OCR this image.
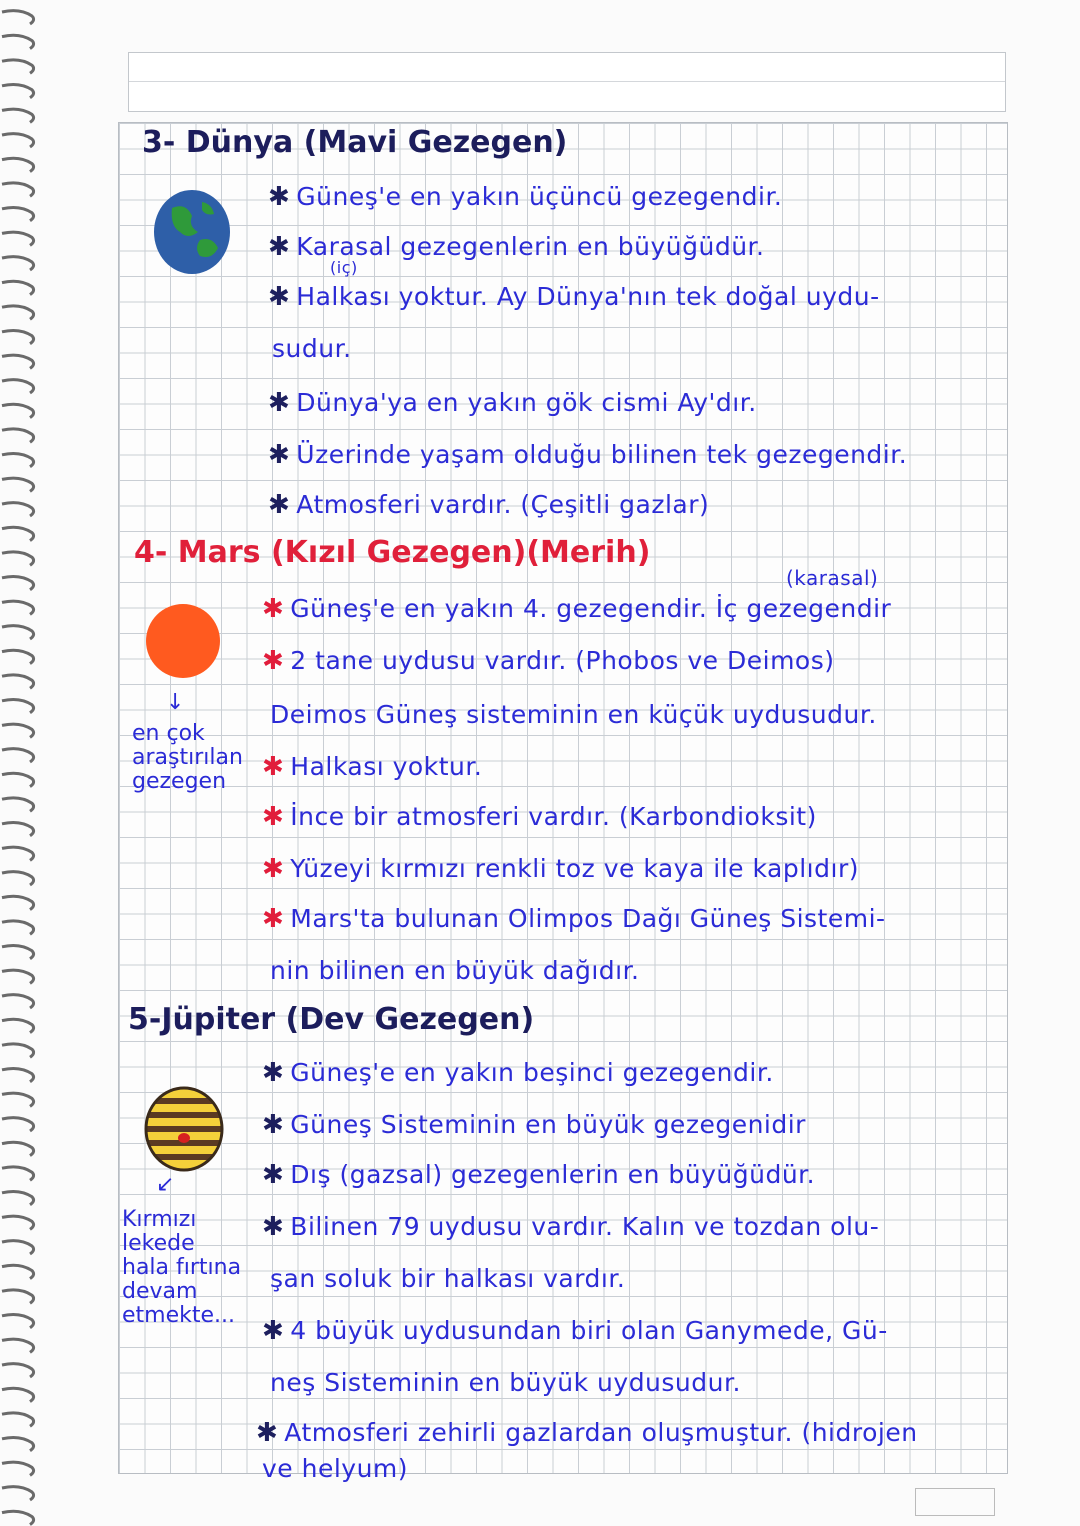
3- Dünya (Mavi Gezegen)
✱ Güneş'e en yakın üçüncü gezegendir.
✱ Karasal gezegenlerin en büyüğüdür.
(iç)
✱ Halkası yoktur. Ay Dünya'nın tek doğal uydu-
sudur.
✱ Dünya'ya en yakın gök cismi Ay'dır.
✱ Üzerinde yaşam olduğu bilinen tek gezegendir.
✱ Atmosferi vardır. (Çeşitli gazlar)
4- Mars (Kızıl Gezegen)(Merih)
(karasal)
↓
en çok araştırılan gezegen
✱ Güneş'e en yakın 4. gezegendir. İç gezegendir
✱ 2 tane uydusu vardır. (Phobos ve Deimos)
Deimos Güneş sisteminin en küçük uydusudur.
✱ Halkası yoktur.
✱ İnce bir atmosferi vardır. (Karbondioksit)
✱ Yüzeyi kırmızı renkli toz ve kaya ile kaplıdır)
✱ Mars'ta bulunan Olimpos Dağı Güneş Sistemi-
nin bilinen en büyük dağıdır.
5-Jüpiter (Dev Gezegen)
↙
Kırmızı lekede hala fırtına devam etmekte...
✱ Güneş'e en yakın beşinci gezegendir.
✱ Güneş Sisteminin en büyük gezegenidir
✱ Dış (gazsal) gezegenlerin en büyüğüdür.
✱ Bilinen 79 uydusu vardır. Kalın ve tozdan olu-
şan soluk bir halkası vardır.
✱ 4 büyük uydusundan biri olan Ganymede, Gü-
neş Sisteminin en büyük uydusudur.
✱ Atmosferi zehirli gazlardan oluşmuştur. (hidrojen
ve helyum)
